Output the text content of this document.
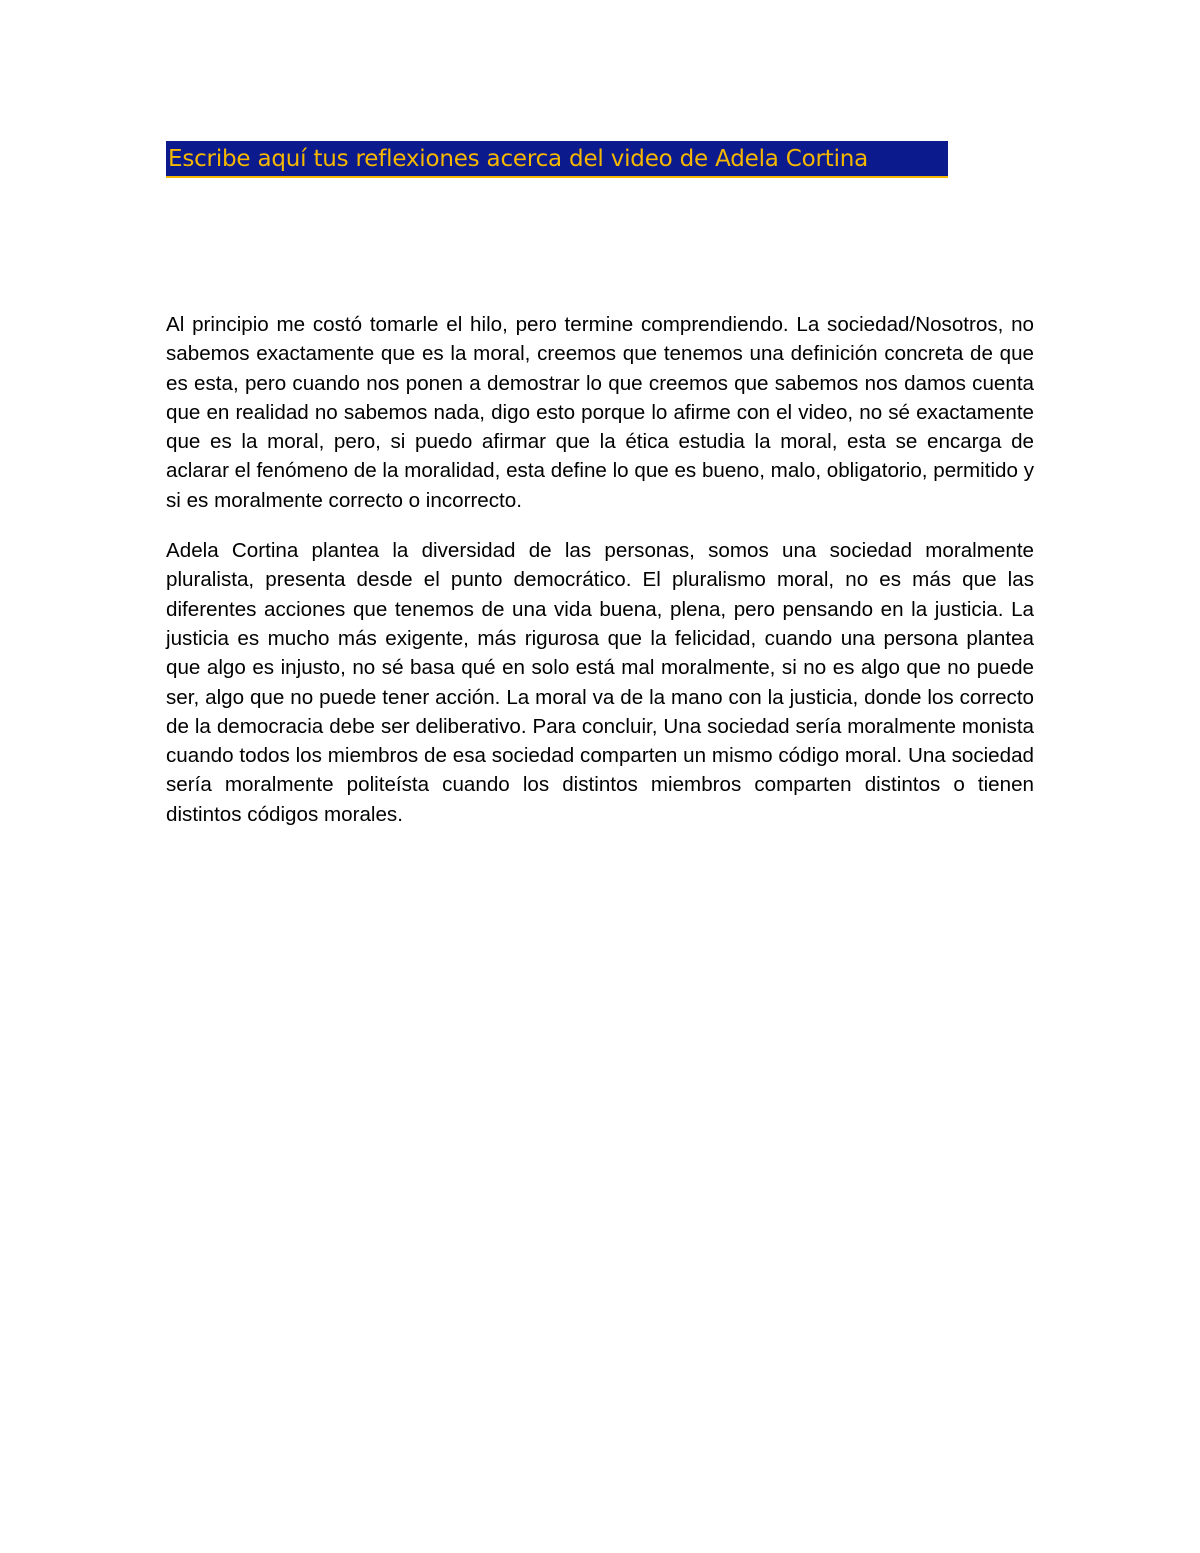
Escribe aquí tus reflexiones acerca del video de Adela Cortina

Al principio me costó tomarle el hilo, pero termine comprendiendo. La sociedad/Nosotros, no sabemos exactamente que es la moral, creemos que tenemos una definición concreta de que es esta, pero cuando nos ponen a demostrar lo que creemos que sabemos nos damos cuenta que en realidad no sabemos nada, digo esto porque lo afirme con el video, no sé exactamente que es la moral, pero, si puedo afirmar que la ética estudia la moral, esta se encarga de aclarar el fenómeno de la moralidad, esta define lo que es bueno, malo, obligatorio, permitido y si es moralmente correcto o incorrecto.

Adela Cortina plantea la diversidad de las personas, somos una sociedad moralmente pluralista, presenta desde el punto democrático. El pluralismo moral, no es más que las diferentes acciones que tenemos de una vida buena, plena, pero pensando en la justicia. La justicia es mucho más exigente, más rigurosa que la felicidad, cuando una persona plantea que algo es injusto, no sé basa qué en solo está mal moralmente, si no es algo que no puede ser, algo que no puede tener acción. La moral va de la mano con la justicia, donde los correcto de la democracia debe ser deliberativo. Para concluir, Una sociedad sería moralmente monista cuando todos los miembros de esa sociedad comparten un mismo código moral. Una sociedad sería moralmente politeísta cuando los distintos miembros comparten distintos o tienen distintos códigos morales.
